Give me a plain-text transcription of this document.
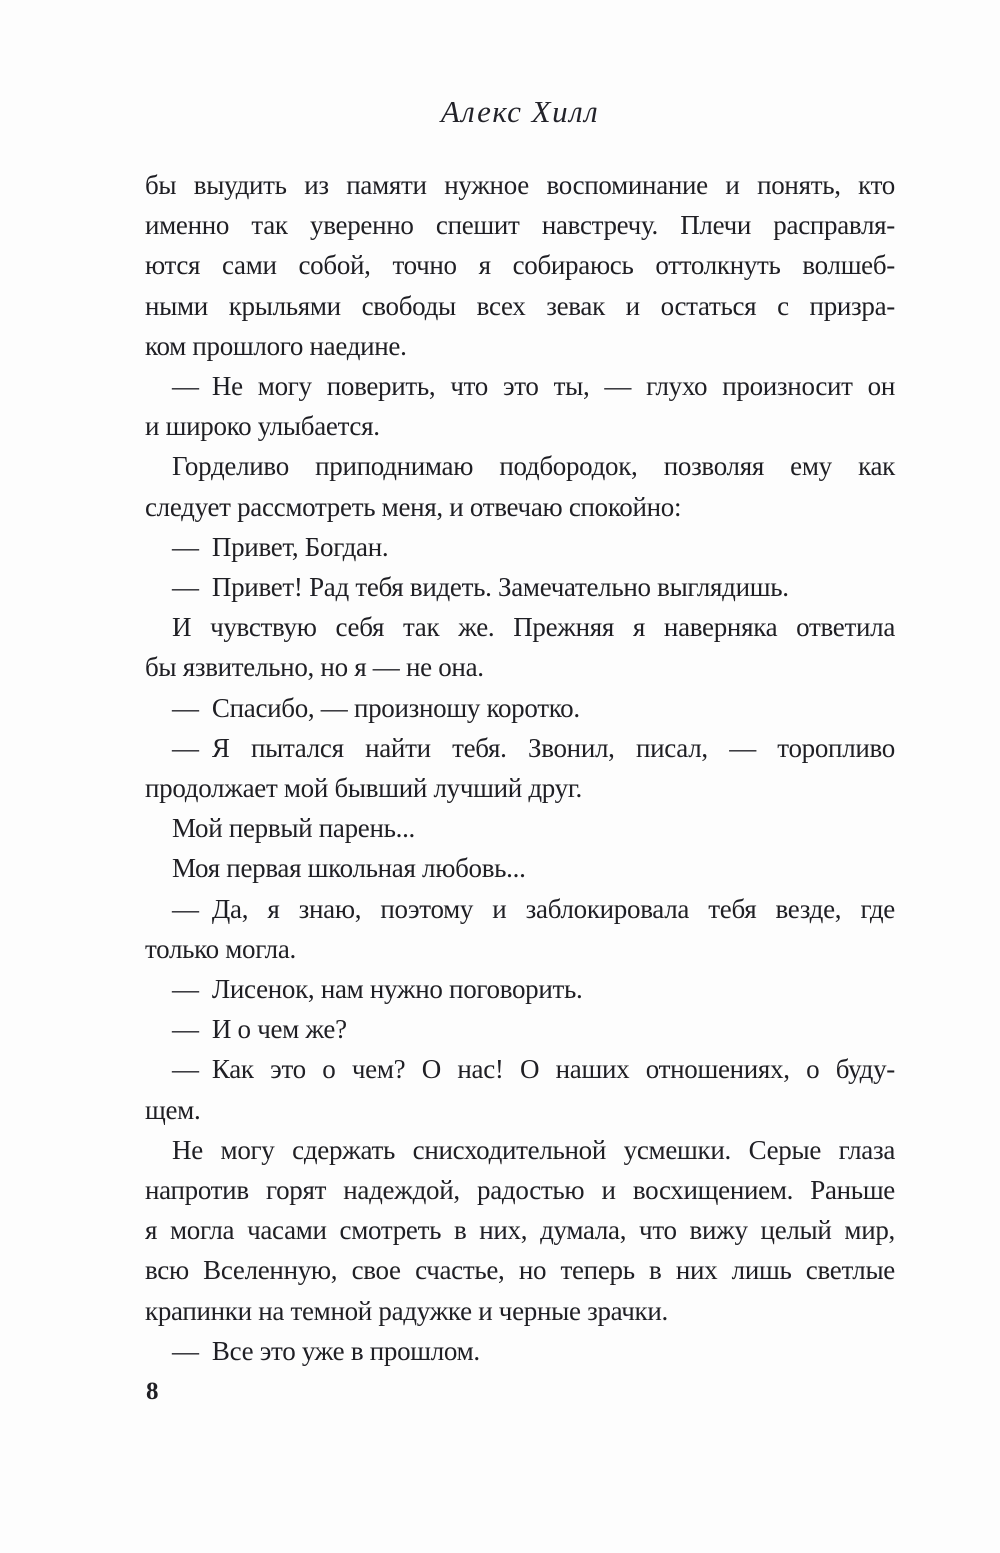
Алекс Хилл
бы выудить из памяти нужное воспоминание и понять, кто
именно так уверенно спешит навстречу. Плечи расправля-
ются сами собой, точно я собираюсь оттолкнуть волшеб-
ными крыльями свободы всех зевак и остаться с призра-
ком прошлого наедине.
— Не могу поверить, что это ты, — глухо произносит он
и широко улыбается.
Горделиво приподнимаю подбородок, позволяя ему как
следует рассмотреть меня, и отвечаю спокойно:
— Привет, Богдан.
— Привет! Рад тебя видеть. Замечательно выглядишь.
И чувствую себя так же. Прежняя я наверняка ответила
бы язвительно, но я — не она.
— Спасибо, — произношу коротко.
— Я пытался найти тебя. Звонил, писал, — торопливо
продолжает мой бывший лучший друг.
Мой первый парень...
Моя первая школьная любовь...
— Да, я знаю, поэтому и заблокировала тебя везде, где
только могла.
— Лисенок, нам нужно поговорить.
— И о чем же?
— Как это о чем? О нас! О наших отношениях, о буду-
щем.
Не могу сдержать снисходительной усмешки. Серые глаза
напротив горят надеждой, радостью и восхищением. Раньше
я могла часами смотреть в них, думала, что вижу целый мир,
всю Вселенную, свое счастье, но теперь в них лишь светлые
крапинки на темной радужке и черные зрачки.
— Все это уже в прошлом.
8
